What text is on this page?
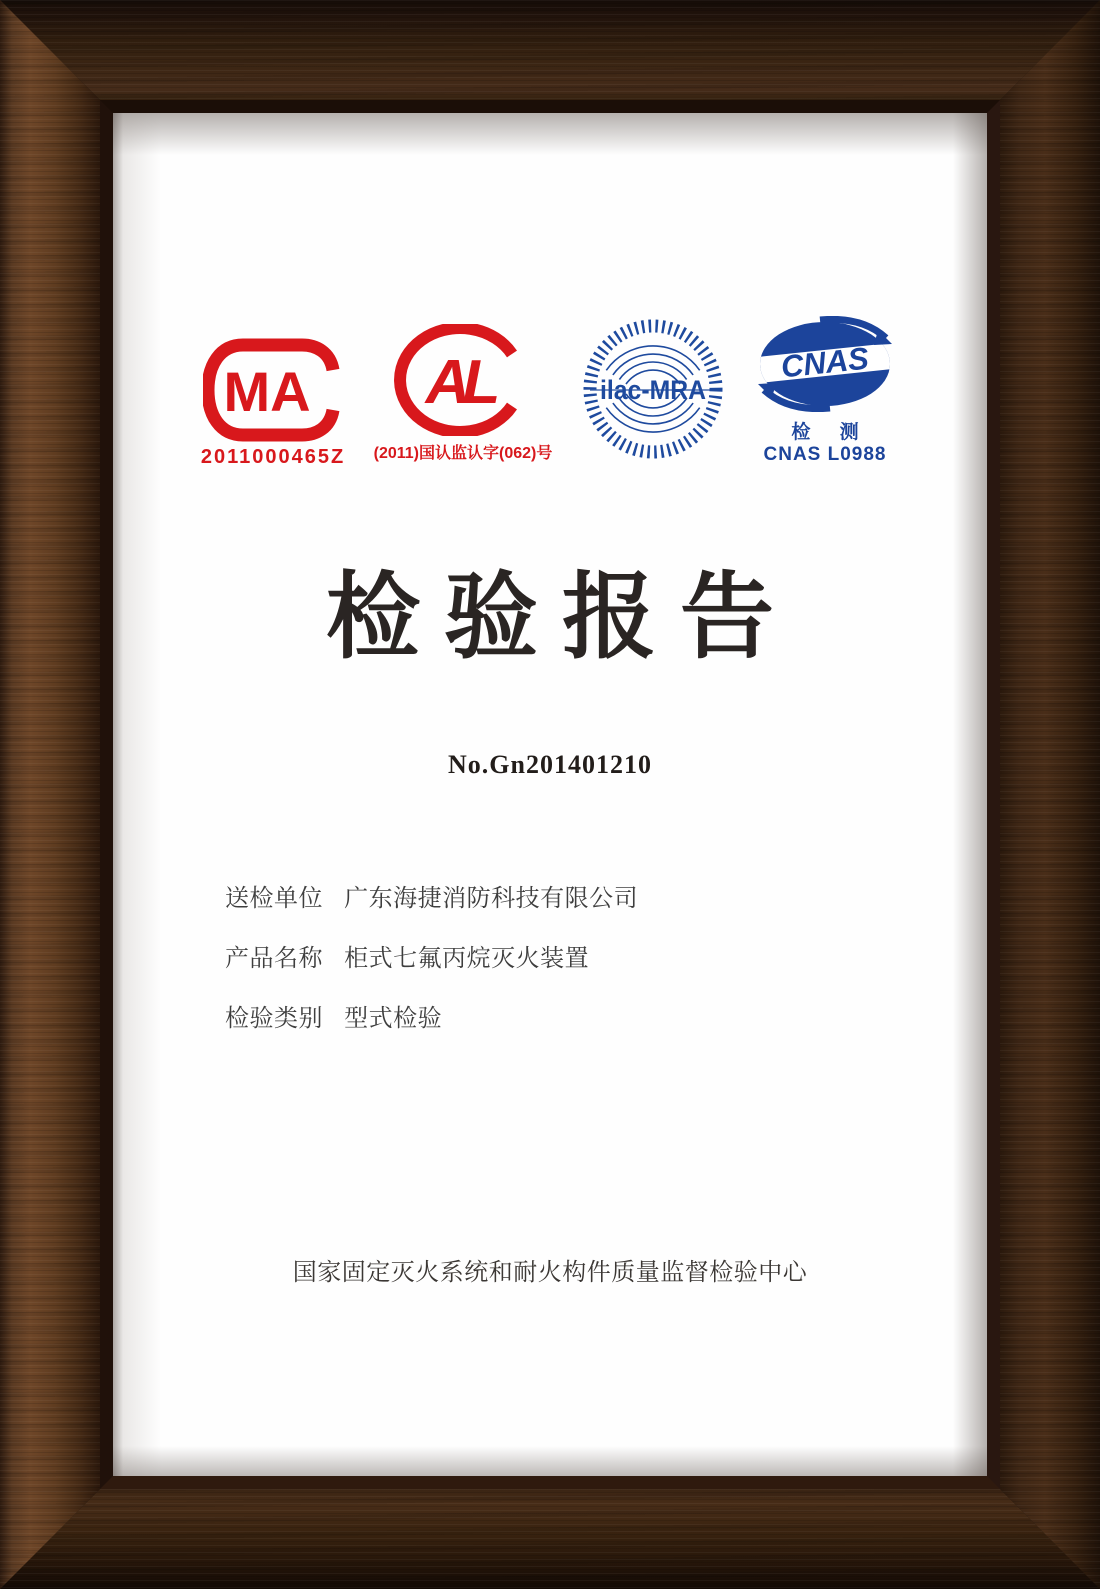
MA
2011000465Z
AL
(2011)国认监认字(062)号
ilac-MRA
CNAS
检 测
CNAS L0988
检验报告
No.Gn201401210
送检单位 广东海捷消防科技有限公司
产品名称 柜式七氟丙烷灭火装置
检验类别 型式检验
国家固定灭火系统和耐火构件质量监督检验中心
